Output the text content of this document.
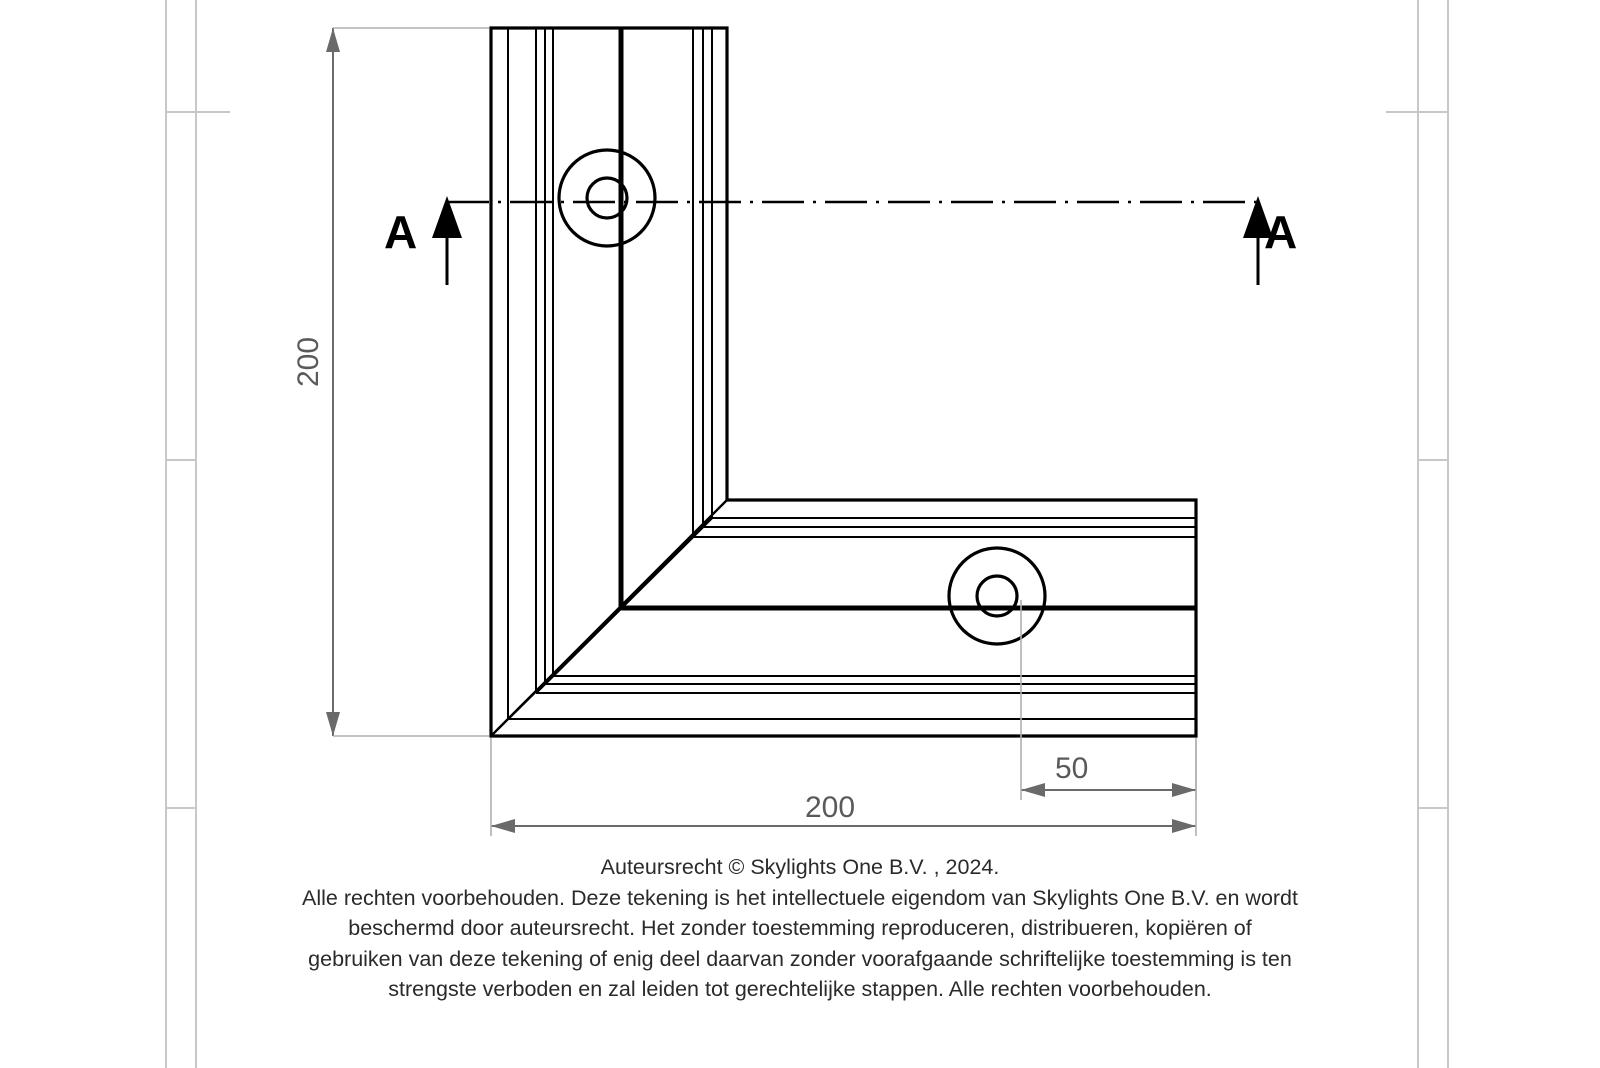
200
200
50
A	A
Auteursrecht © Skylights One B.V. , 2024.
Alle rechten voorbehouden. Deze tekening is het intellectuele eigendom van Skylights One B.V. en wordt
beschermd door auteursrecht. Het zonder toestemming reproduceren, distribueren, kopiëren of
gebruiken van deze tekening of enig deel daarvan zonder voorafgaande schriftelijke toestemming is ten
strengste verboden en zal leiden tot gerechtelijke stappen. Alle rechten voorbehouden.
